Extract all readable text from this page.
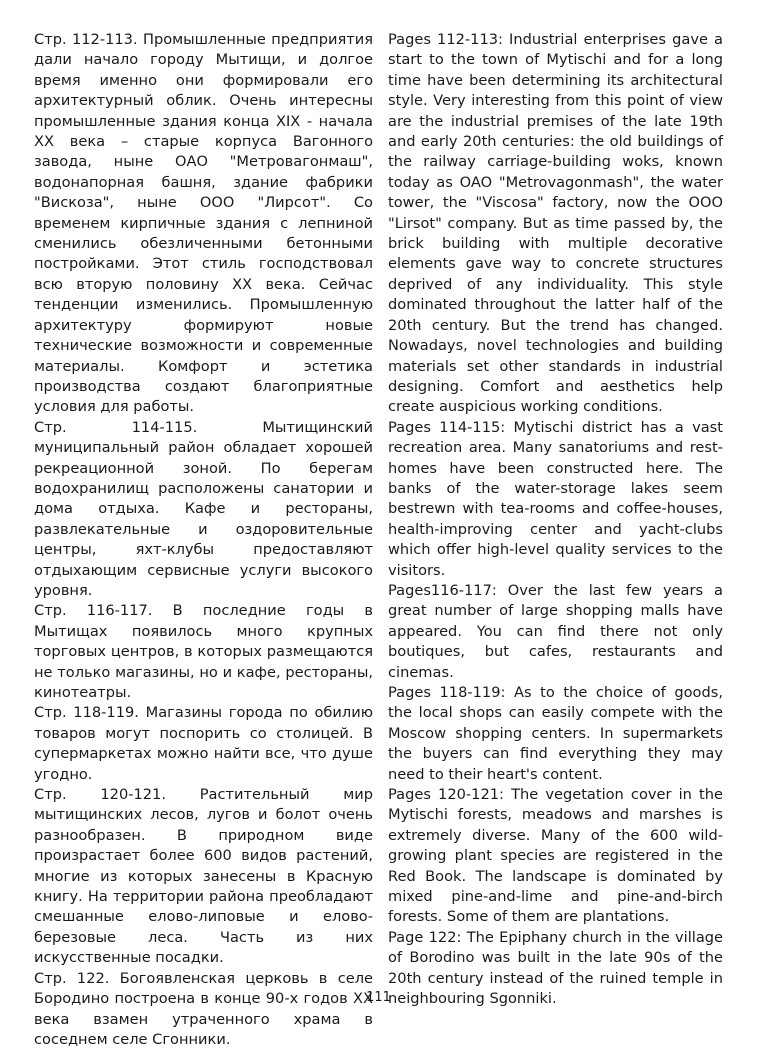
Стр. 112-113. Промышленные предприятия дали начало городу Мытищи, и долгое время именно они формировали его архитектурный облик. Очень интересны промышленные здания конца XIX - начала XX века – старые корпуса Вагонного завода, ныне ОАО "Метровагонмаш", водонапорная башня, здание фабрики "Вискоза", ныне ООО "Лирсот". Со временем кирпичные здания с лепниной сменились обезличенными бетонными постройками. Этот стиль господствовал всю вторую половину XX века. Сейчас тенденции изменились. Промышленную архитектуру формируют новые технические возможности и современные материалы. Комфорт и эстетика производства создают благоприятные условия для работы.

Стр. 114-115. Мытищинский муниципальный район обладает хорошей рекреационной зоной. По берегам водохранилищ расположены санатории и дома отдыха. Кафе и рестораны, развлекательные и оздоровительные центры, яхт-клубы предоставляют отдыхающим сервисные услуги высокого уровня.

Стр. 116-117. В последние годы в Мытищах появилось много крупных торговых центров, в которых размещаются не только магазины, но и кафе, рестораны, кинотеатры.

Стр. 118-119. Магазины города по обилию товаров могут поспорить со столицей. В супермаркетах можно найти все, что душе угодно.

Стр. 120-121. Растительный мир мытищинских лесов, лугов и болот очень разнообразен. В природном виде произрастает более 600 видов растений, многие из которых занесены в Красную книгу. На территории района преобладают смешанные елово-липовые и елово-березовые леса. Часть из них искусственные посадки.

Стр. 122. Богоявленская церковь в селе Бородино построена в конце 90-х годов XX века взамен утраченного храма в соседнем селе Сгонники.

Pages 112-113: Industrial enterprises gave a start to the town of Mytischi and for a long time have been determining its architectural style. Very interesting from this point of view are the industrial premises of the late 19th and early 20th centuries: the old buildings of the railway carriage-building woks, known today as OAO "Metrovagonmash", the water tower, the "Viscosa" factory, now the OOO "Lirsot" company. But as time passed by, the brick building with multiple decorative elements gave way to concrete structures deprived of any individuality. This style dominated throughout the latter half of the 20th century. But the trend has changed. Nowadays, novel technologies and building materials set other standards in industrial designing. Comfort and aesthetics help create auspicious working conditions.

Pages 114-115: Mytischi district has a vast recreation area. Many sanatoriums and rest-homes have been constructed here. The banks of the water-storage lakes seem bestrewn with tea-rooms and coffee-houses, health-improving center and yacht-clubs which offer high-level quality services to the visitors.

Pages116-117: Over the last few years a great number of large shopping malls have appeared. You can find there not only boutiques, but cafes, restaurants and cinemas.

Pages 118-119: As to the choice of goods, the local shops can easily compete with the Moscow shopping centers. In supermarkets the buyers can find everything they may need to their heart's content.

Pages 120-121: The vegetation cover in the Mytischi forests, meadows and marshes is extremely diverse. Many of the 600 wild-growing plant species are registered in the Red Book. The landscape is dominated by mixed pine-and-lime and pine-and-birch forests. Some of them are plantations.

Page 122: The Epiphany church in the village of Borodino was built in the late 90s of the 20th century instead of the ruined temple in neighbouring Sgonniki.

111
